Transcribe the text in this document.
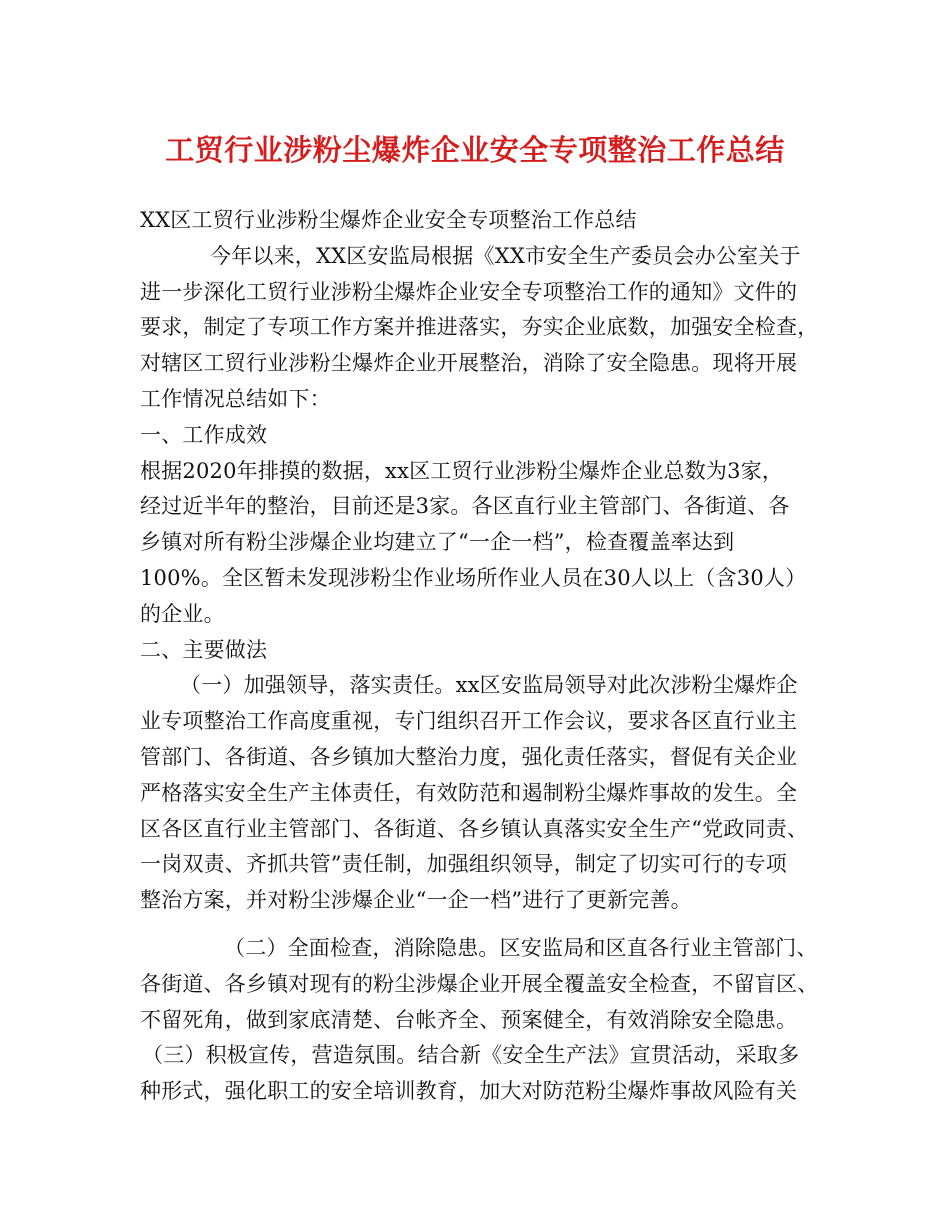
工贸行业涉粉尘爆炸企业安全专项整治工作总结
XX区工贸行业涉粉尘爆炸企业安全专项整治工作总结
今年以来，XX区安监局根据《XX市安全生产委员会办公室关于
进一步深化工贸行业涉粉尘爆炸企业安全专项整治工作的通知》文件的
要求，制定了专项工作方案并推进落实，夯实企业底数，加强安全检查，
对辖区工贸行业涉粉尘爆炸企业开展整治，消除了安全隐患。现将开展
工作情况总结如下：
一、工作成效
根据2020年排摸的数据，xx区工贸行业涉粉尘爆炸企业总数为3家，
经过近半年的整治，目前还是3家。各区直行业主管部门、各街道、各
乡镇对所有粉尘涉爆企业均建立了“一企一档”，检查覆盖率达到
100%。全区暂未发现涉粉尘作业场所作业人员在30人以上（含30人）
的企业。
二、主要做法
（一）加强领导，落实责任。xx区安监局领导对此次涉粉尘爆炸企
业专项整治工作高度重视，专门组织召开工作会议，要求各区直行业主
管部门、各街道、各乡镇加大整治力度，强化责任落实，督促有关企业
严格落实安全生产主体责任，有效防范和遏制粉尘爆炸事故的发生。全
区各区直行业主管部门、各街道、各乡镇认真落实安全生产“党政同责、
一岗双责、齐抓共管”责任制，加强组织领导，制定了切实可行的专项
整治方案，并对粉尘涉爆企业“一企一档”进行了更新完善。
（二）全面检查，消除隐患。区安监局和区直各行业主管部门、
各街道、各乡镇对现有的粉尘涉爆企业开展全覆盖安全检查，不留盲区、
不留死角，做到家底清楚、台帐齐全、预案健全，有效消除安全隐患。
（三）积极宣传，营造氛围。结合新《安全生产法》宣贯活动，采取多
种形式，强化职工的安全培训教育，加大对防范粉尘爆炸事故风险有关
